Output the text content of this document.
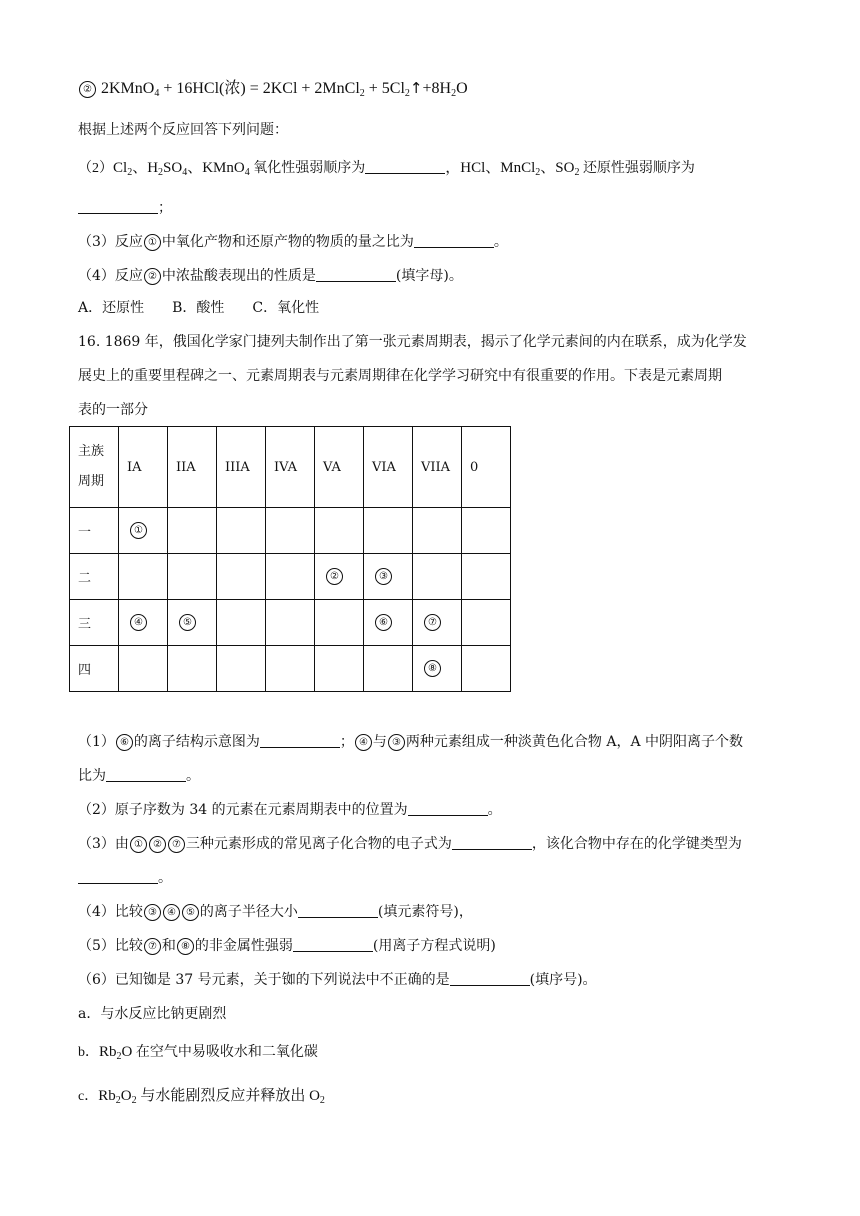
② 2KMnO$_4$ + 16HCl(浓) = 2KCl + 2MnCl$_2$ + $5Cl_2↑+8H_2O$
根据上述两个反应回答下列问题：
$(2)Cl_2$、$H_2SO_4$、KMnO$_4$ 氧化性强弱顺序为	，HCl、MnCl$_2$、$SO_2$ 还原性强弱顺序为
；
（3）反应 ① 中氧化产物和还原产物的物质的量之比为	。
（4）反应 ② 中浓盐酸表现出的性质是	(填字母)。
A．还原性 B．酸性 C．氧化性
16. 1869 年，俄国化学家门捷列夫制作出了第一张元素周期表，揭示了化学元素间的内在联系，成为化学发
展史上的重要里程碑之一、元素周期表与元素周期律在化学学习研究中有很重要的作用。下表是元素周期
表的一部分
主族
周期	IA	IIA	IIIA	IVA	VA	VIA	VIIA	0
一	①							
二					②	③		
三	④	⑤				⑥	⑦	
四							⑧	
（1） ⑥ 的离子结构示意图为	； ④ 与 ③ 两种元素组成一种淡黄色化合物 A，A 中阴阳离子个数
比为	。
（2）原子序数为 34 的元素在元素周期表中的位置为	。
（3）由 ① ② ⑦ 三种元素形成的常见离子化合物的电子式为	，该化合物中存在的化学键类型为
。
（4）比较 ③ ④ ⑤ 的离子半径大小	(填元素符号)，
（5）比较 ⑦ 和 ⑧ 的非金属性强弱	(用离子方程式说明)
（6）已知铷是 37 号元素，关于铷的下列说法中不正确的是	(填序号)。
a．与水反应比钠更剧烈
b．$Rb_2O$ 在空气中易吸收水和二氧化碳
c．$Rb_2O_2$ 与水能剧烈反应并释放出 $O_2$
